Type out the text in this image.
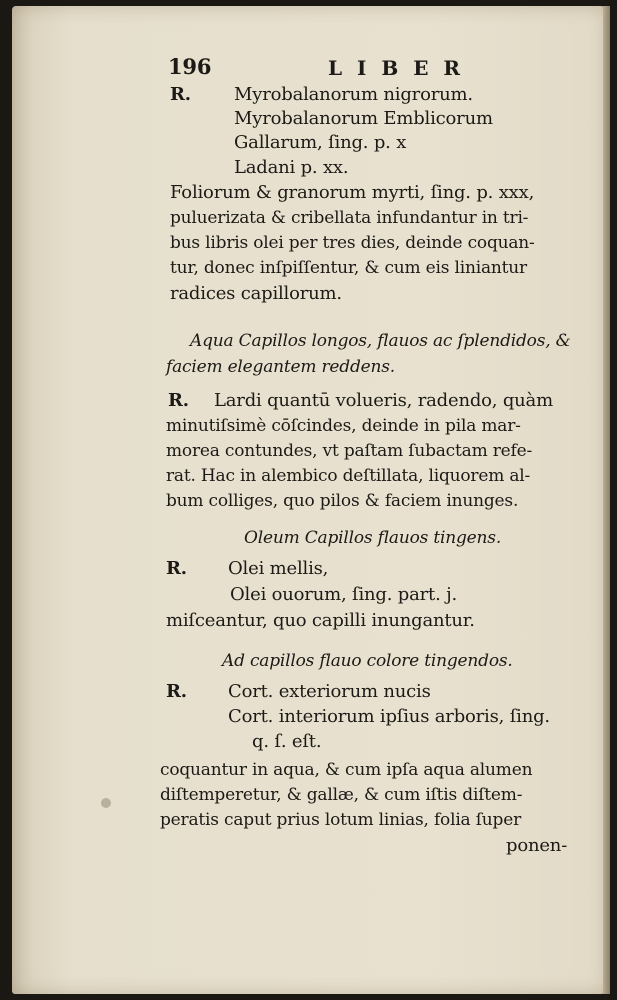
196	L I B E R
R. Myrobalanorum nigrorum.
Myrobalanorum Emblicorum
Gallarum, ſing. p. x
Ladani p. xx.
Foliorum & granorum myrti, ſing. p. xxx,
puluerizata & cribellata infundantur in tri-
bus libris olei per tres dies, deinde coquan-
tur, donec inſpiſſentur, & cum eis liniantur
radices capillorum.
Aqua Capillos longos, flauos ac ſplendidos, &
faciem elegantem reddens.
R. Lardi quantū volueris, radendo, quàm
minutiſsimè cōſcindes, deinde in pila mar-
morea contundes, vt paſtam ſubactam refe-
rat. Hac in alembico deſtillata, liquorem al-
bum colliges, quo pilos & faciem inunges.
Oleum Capillos flauos tingens.
R. Olei mellis,
Olei ouorum, ſing. part. j.
miſceantur, quo capilli inungantur.
Ad capillos flauo colore tingendos.
R. Cort. exteriorum nucis
Cort. interiorum ipſius arboris, ſing.
q. ſ. eſt.
coquantur in aqua, & cum ipſa aqua alumen
diſtemperetur, & gallæ, & cum iſtis diſtem-
peratis caput prius lotum linias, folia ſuper
ponen-
